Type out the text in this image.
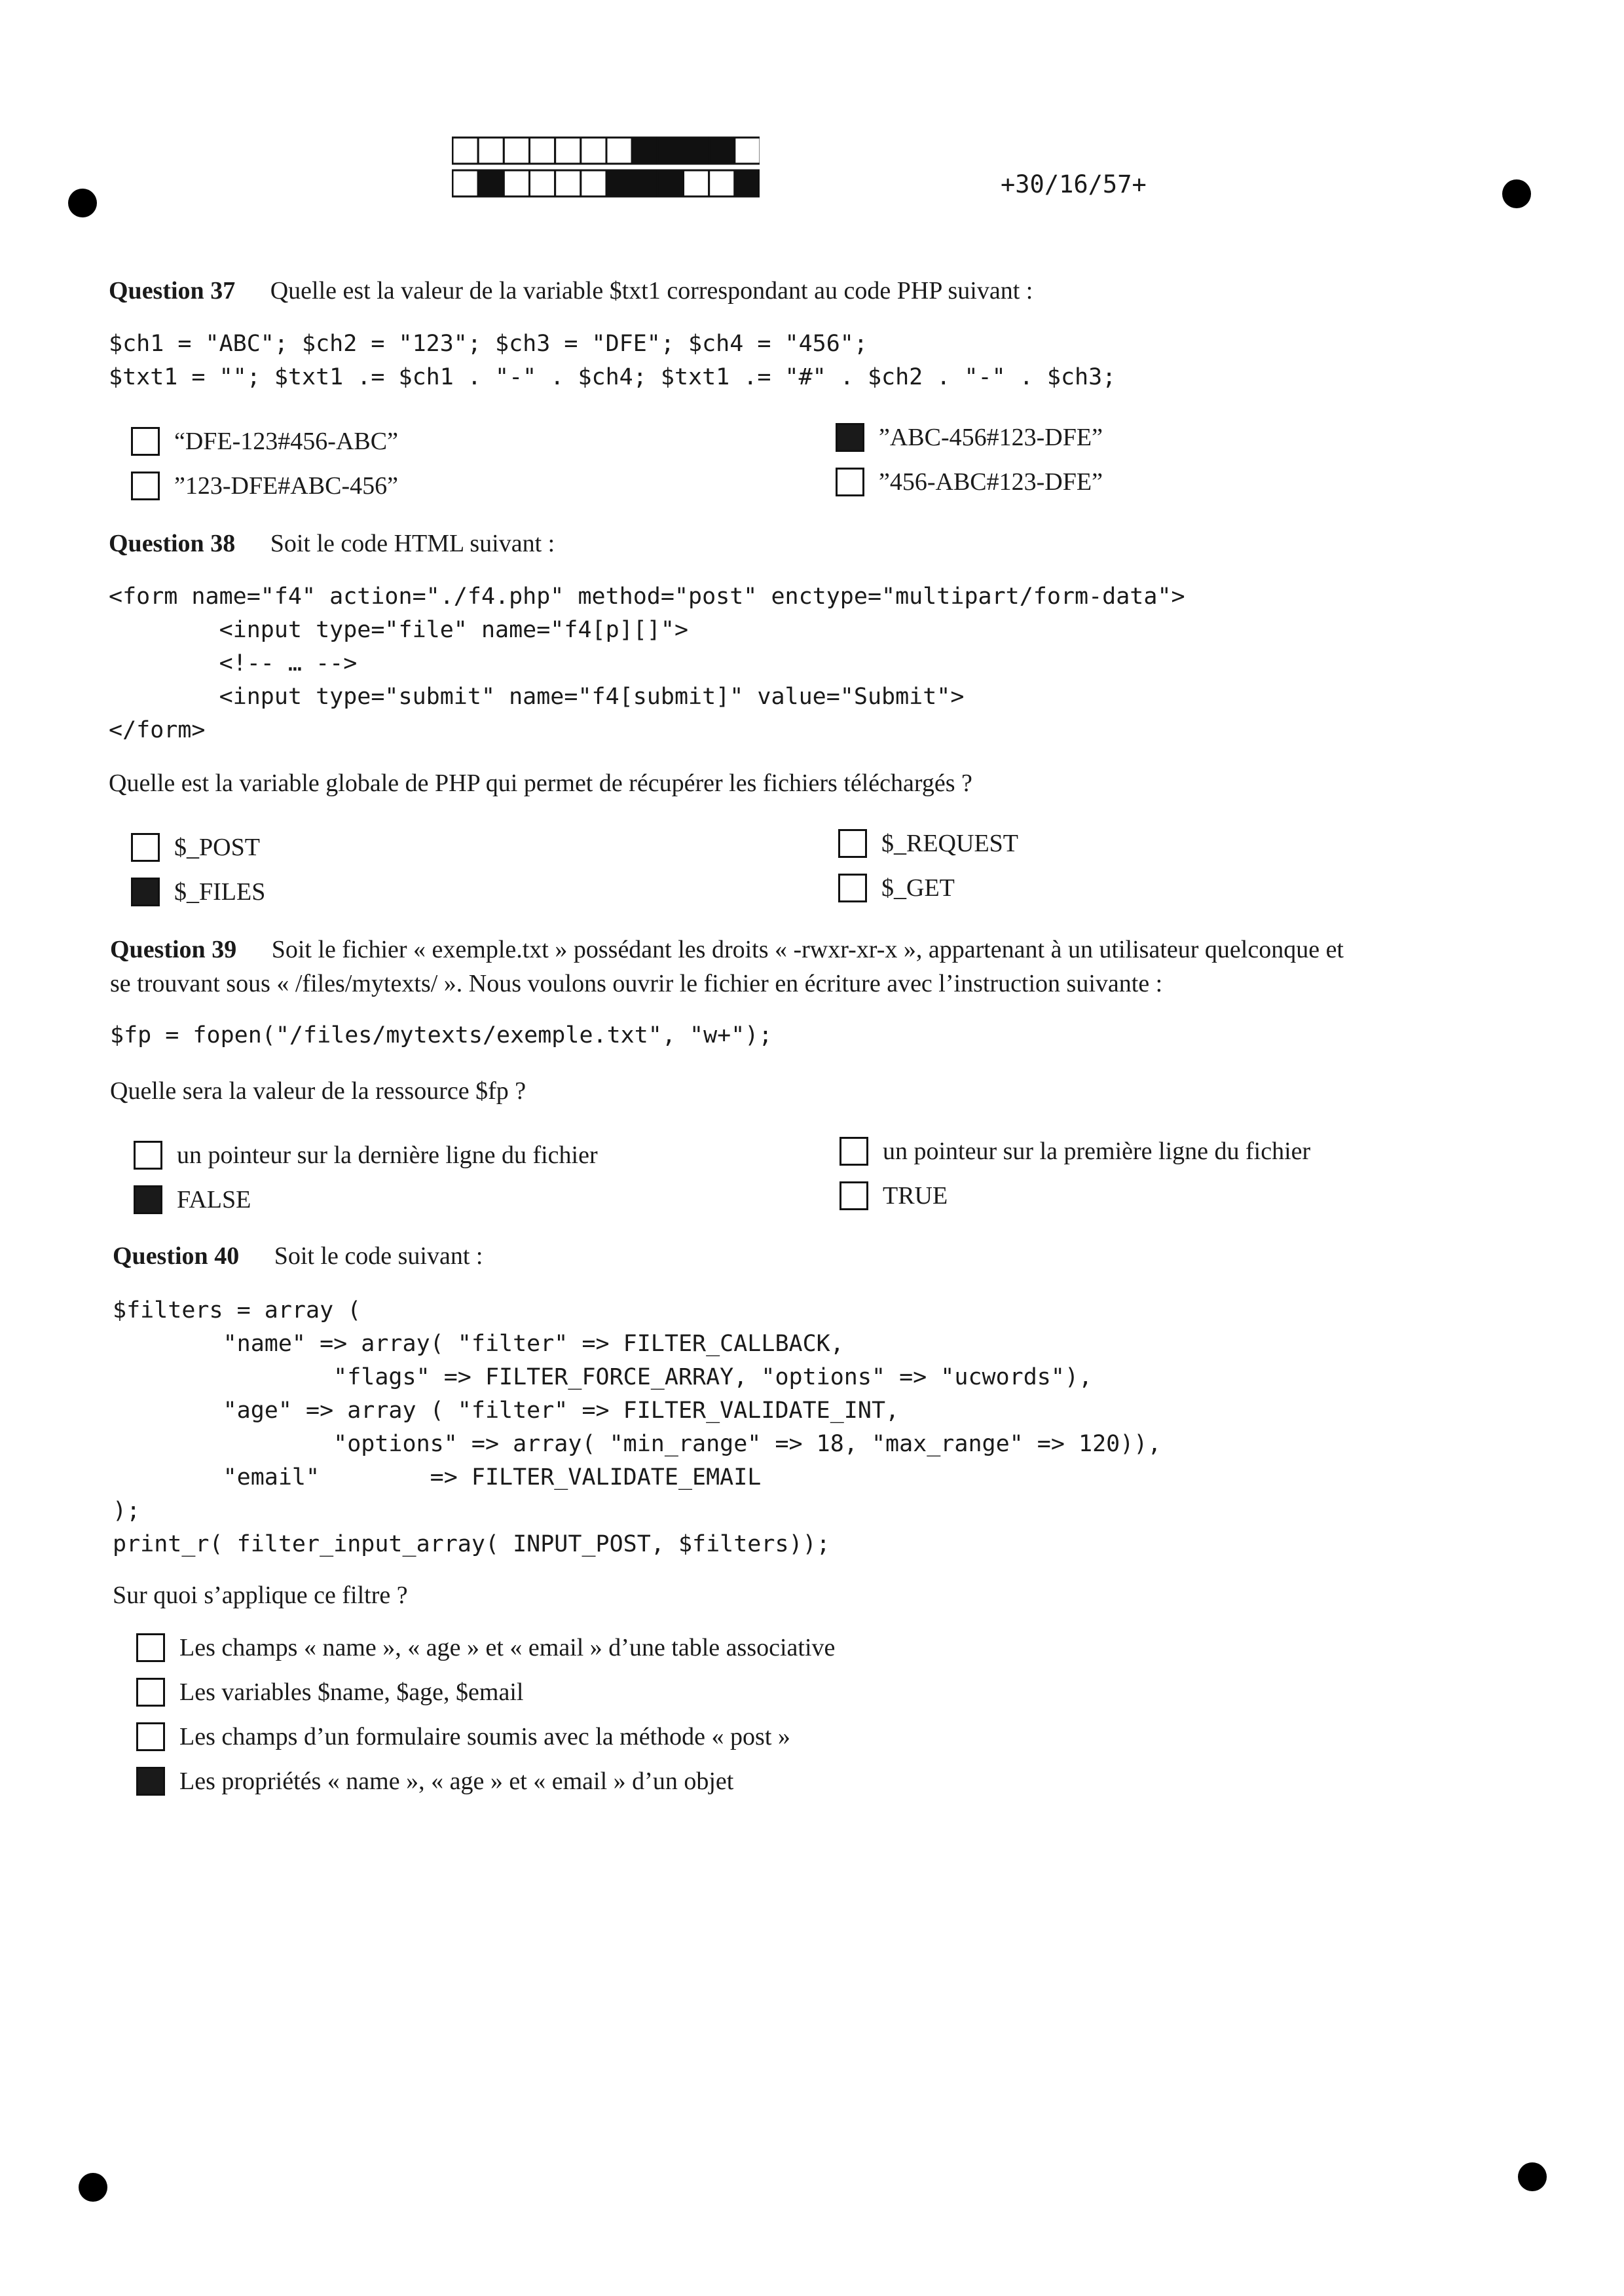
+30/16/57+
Question 37 Quelle est la valeur de la variable $txt1 correspondant au code PHP suivant :
$ch1 = "ABC"; $ch2 = "123"; $ch3 = "DFE"; $ch4 = "456";
$txt1 = ""; $txt1 .= $ch1 . "-" . $ch4; $txt1 .= "#" . $ch2 . "-" . $ch3;
“DFE-123#456-ABC”	”ABC-456#123-DFE”
”123-DFE#ABC-456”	”456-ABC#123-DFE”
Question 38 Soit le code HTML suivant :
<form name="f4" action="./f4.php" method="post" enctype="multipart/form-data">
<input type="file" name="f4[p][]">
<!-- … -->
<input type="submit" name="f4[submit]" value="Submit">
</form>
Quelle est la variable globale de PHP qui permet de récupérer les fichiers téléchargés ?
$_POST	$_REQUEST
$_FILES	$_GET
Question 39 Soit le fichier « exemple.txt » possédant les droits « -rwxr-xr-x », appartenant à un utilisateur quelconque et
se trouvant sous « /files/mytexts/ ». Nous voulons ouvrir le fichier en écriture avec l’instruction suivante :
$fp = fopen("/files/mytexts/exemple.txt", "w+");
Quelle sera la valeur de la ressource $fp ?
un pointeur sur la dernière ligne du fichier	un pointeur sur la première ligne du fichier
FALSE	TRUE
Question 40 Soit le code suivant :
$filters = array (
"name" => array( "filter" => FILTER_CALLBACK,
"flags" => FILTER_FORCE_ARRAY, "options" => "ucwords"),
"age" => array ( "filter" => FILTER_VALIDATE_INT,
"options" => array( "min_range" => 18, "max_range" => 120)),
"email"        => FILTER_VALIDATE_EMAIL
);
print_r( filter_input_array( INPUT_POST, $filters));
Sur quoi s’applique ce filtre ?
Les champs « name », « age » et « email » d’une table associative
Les variables $name, $age, $email
Les champs d’un formulaire soumis avec la méthode « post »
Les propriétés « name », « age » et « email » d’un objet
